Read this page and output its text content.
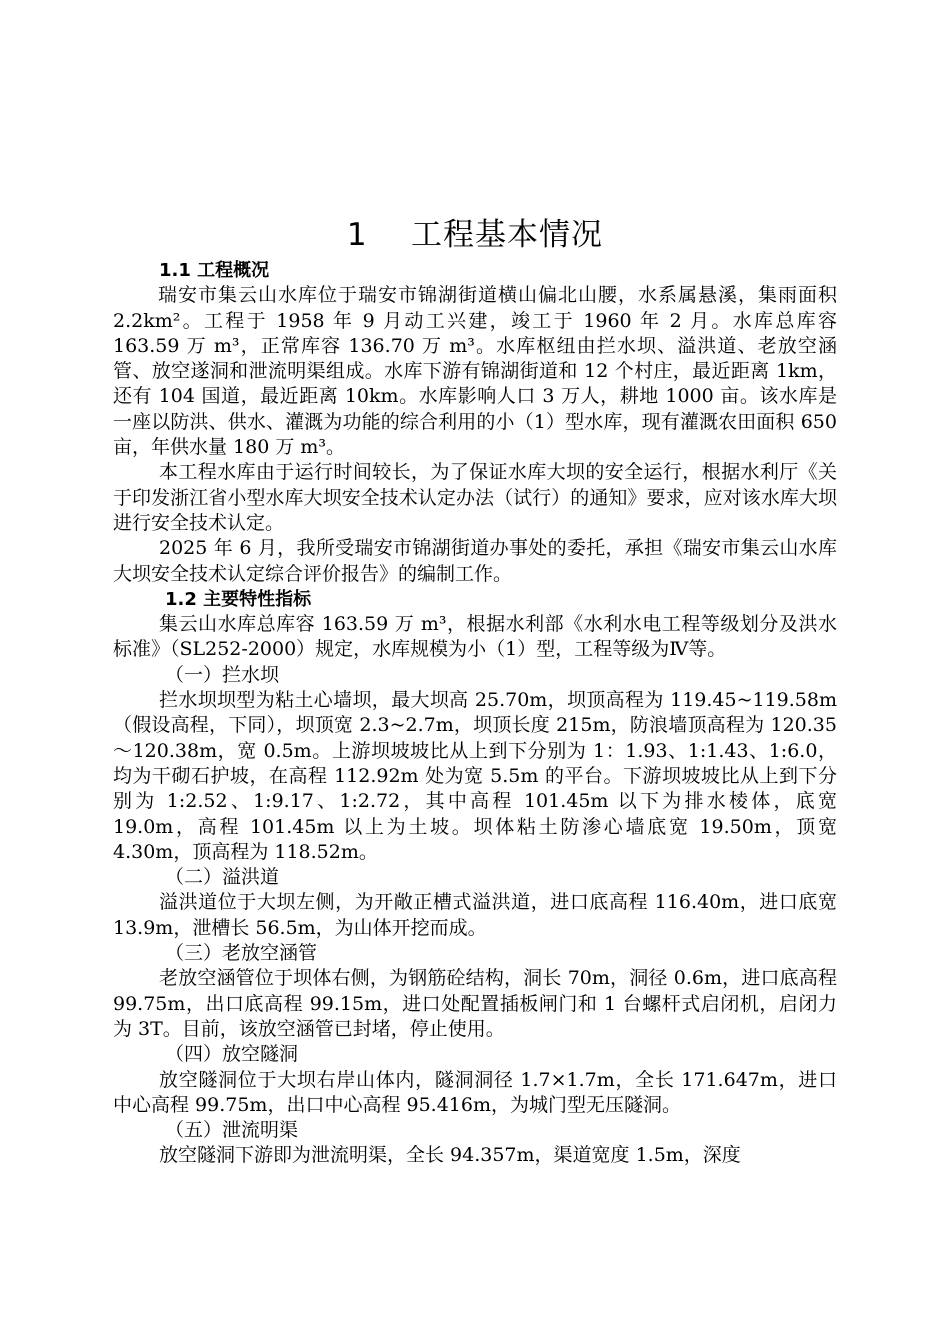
1    工程基本情况

1.1 工程概况

瑞安市集云山水库位于瑞安市锦湖街道横山偏北山腰，水系属悬溪，集雨面积 2.2km²。工程于 1958 年 9 月动工兴建，竣工于 1960 年 2 月。水库总库容 163.59 万 m³，正常库容 136.70 万 m³。水库枢纽由拦水坝、溢洪道、老放空涵管、放空遂洞和泄流明渠组成。水库下游有锦湖街道和 12 个村庄，最近距离 1km，还有 104 国道，最近距离 10km。水库影响人口 3 万人，耕地 1000 亩。该水库是一座以防洪、供水、灌溉为功能的综合利用的小（1）型水库，现有灌溉农田面积 650 亩，年供水量 180 万 m³。

本工程水库由于运行时间较长，为了保证水库大坝的安全运行，根据水利厅《关于印发浙江省小型水库大坝安全技术认定办法（试行）的通知》要求，应对该水库大坝进行安全技术认定。

2025 年 6 月，我所受瑞安市锦湖街道办事处的委托，承担《瑞安市集云山水库大坝安全技术认定综合评价报告》的编制工作。

1.2 主要特性指标

集云山水库总库容 163.59 万 m³，根据水利部《水利水电工程等级划分及洪水标准》（SL252-2000）规定，水库规模为小（1）型，工程等级为Ⅳ等。

（一）拦水坝

拦水坝坝型为粘土心墙坝，最大坝高 25.70m，坝顶高程为 119.45~119.58m（假设高程，下同），坝顶宽 2.3~2.7m，坝顶长度 215m，防浪墙顶高程为 120.35～120.38m，宽 0.5m。上游坝坡坡比从上到下分别为 1：1.93、1:1.43、1:6.0，均为干砌石护坡，在高程 112.92m 处为宽 5.5m 的平台。下游坝坡坡比从上到下分别为 1:2.52、1:9.17、1:2.72，其中高程 101.45m 以下为排水棱体，底宽 19.0m，高程 101.45m 以上为土坡。坝体粘土防渗心墙底宽 19.50m，顶宽 4.30m，顶高程为 118.52m。

（二）溢洪道

溢洪道位于大坝左侧，为开敞正槽式溢洪道，进口底高程 116.40m，进口底宽 13.9m，泄槽长 56.5m，为山体开挖而成。

（三）老放空涵管

老放空涵管位于坝体右侧，为钢筋砼结构，洞长 70m，洞径 0.6m，进口底高程 99.75m，出口底高程 99.15m，进口处配置插板闸门和 1 台螺杆式启闭机，启闭力为 3T。目前，该放空涵管已封堵，停止使用。

（四）放空隧洞

放空隧洞位于大坝右岸山体内，隧洞洞径 1.7×1.7m，全长 171.647m，进口中心高程 99.75m，出口中心高程 95.416m，为城门型无压隧洞。

（五）泄流明渠

放空隧洞下游即为泄流明渠，全长 94.357m，渠道宽度 1.5m，深度
